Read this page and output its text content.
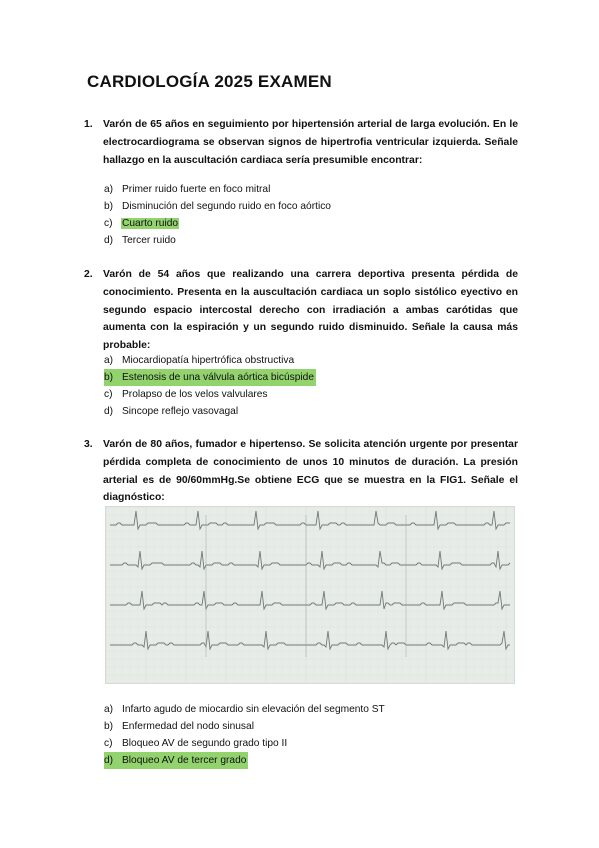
CARDIOLOGÍA 2025 EXAMEN
1. Varón de 65 años en seguimiento por hipertensión arterial de larga evolución. En le electrocardiograma se observan signos de hipertrofia ventricular izquierda. Señale hallazgo en la auscultación cardiaca sería presumible encontrar:
a) Primer ruido fuerte en foco mitral
b) Disminución del segundo ruido en foco aórtico
c) Cuarto ruido
d) Tercer ruido
2. Varón de 54 años que realizando una carrera deportiva presenta pérdida de conocimiento. Presenta en la auscultación cardiaca un soplo sistólico eyectivo en segundo espacio intercostal derecho con irradiación a ambas carótidas que aumenta con la espiración y un segundo ruido disminuido. Señale la causa más probable:
a) Miocardiopatía hipertrófica obstructiva
b) Estenosis de una válvula aórtica bicúspide
c) Prolapso de los velos valvulares
d) Sincope reflejo vasovagal
3. Varón de 80 años, fumador e hipertenso. Se solicita atención urgente por presentar pérdida completa de conocimiento de unos 10 minutos de duración. La presión arterial es de 90/60mmHg.Se obtiene ECG que se muestra en la FIG1. Señale el diagnóstico:
a) Infarto agudo de miocardio sin elevación del segmento ST
b) Enfermedad del nodo sinusal
c) Bloqueo AV de segundo grado tipo II
d) Bloqueo AV de tercer grado
